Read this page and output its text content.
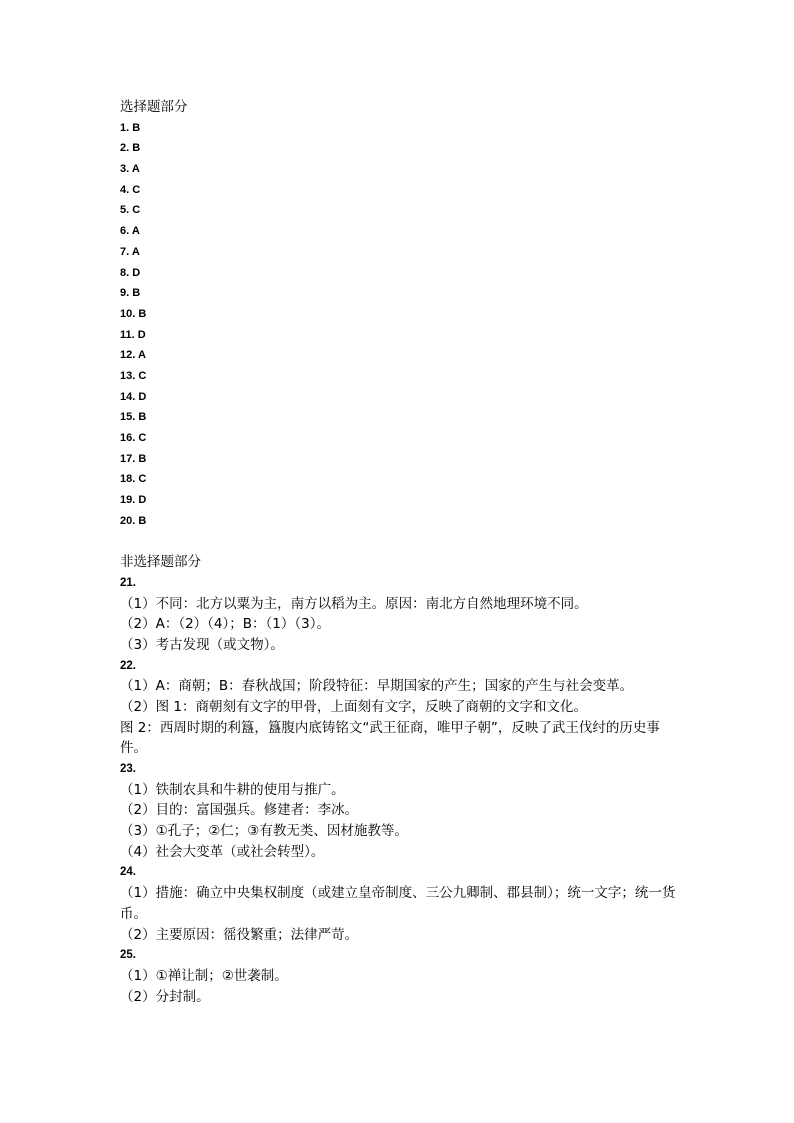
选择题部分
1. B
2. B
3. A
4. C
5. C
6. A
7. A
8. D
9. B
10. B
11. D
12. A
13. C
14. D
15. B
16. C
17. B
18. C
19. D
20. B
非选择题部分
21.
（1）不同：北方以粟为主，南方以稻为主。原因：南北方自然地理环境不同。
（2）A：（2）（4）；B：（1）（3）。
（3）考古发现（或文物）。
22.
（1）A：商朝；B：春秋战国；阶段特征：早期国家的产生；国家的产生与社会变革。
（2）图 1：商朝刻有文字的甲骨，上面刻有文字，反映了商朝的文字和文化。
图 2：西周时期的利簋，簋腹内底铸铭文“武王征商，唯甲子朝”，反映了武王伐纣的历史事件。
23.
（1）铁制农具和牛耕的使用与推广。
（2）目的：富国强兵。修建者：李冰。
（3）①孔子；②仁；③有教无类、因材施教等。
（4）社会大变革（或社会转型）。
24.
（1）措施：确立中央集权制度（或建立皇帝制度、三公九卿制、郡县制）；统一文字；统一货币。
（2）主要原因：徭役繁重；法律严苛。
25.
（1）①禅让制；②世袭制。
（2）分封制。
